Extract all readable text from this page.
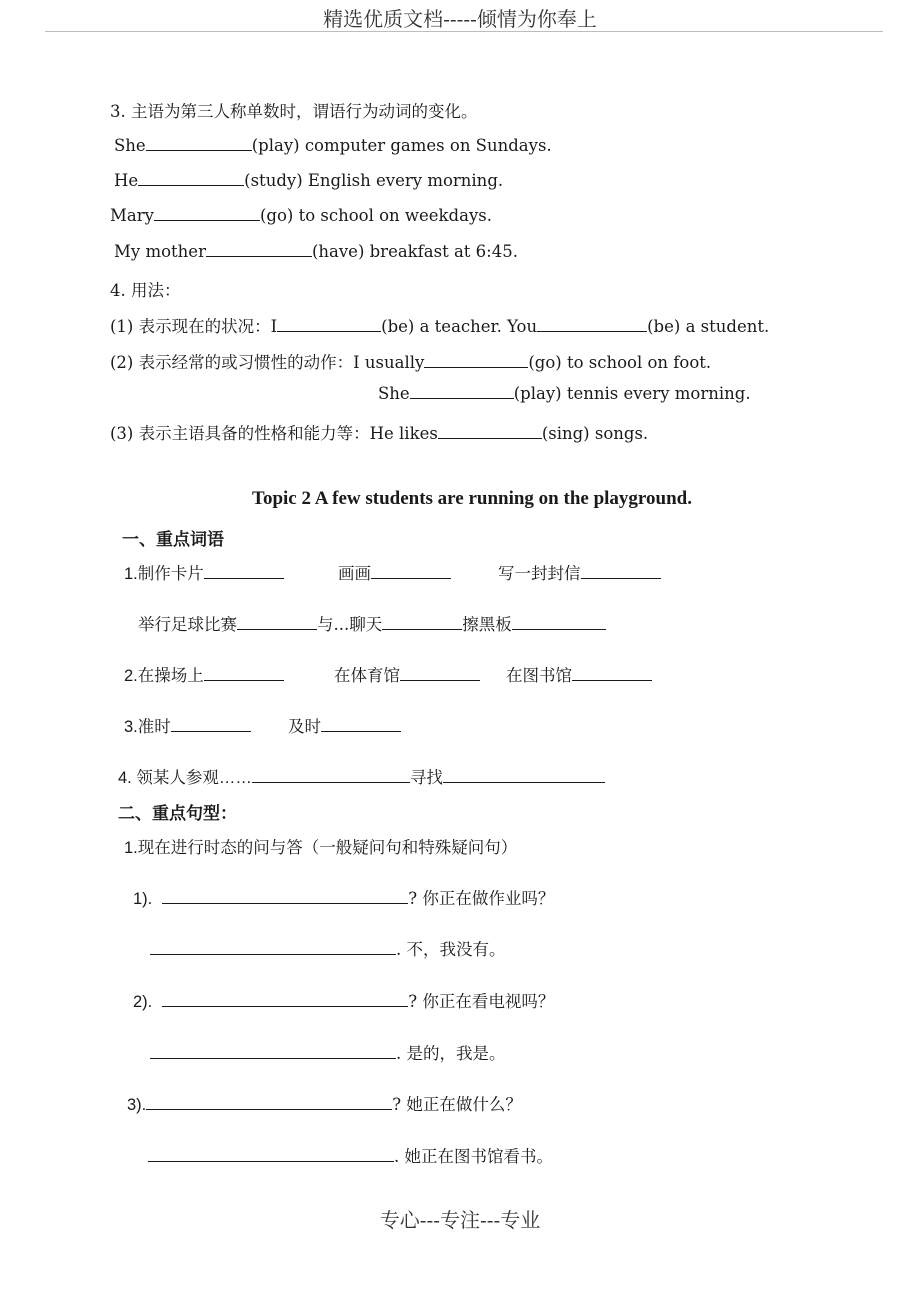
精选优质文档-----倾情为你奉上
3. 主语为第三人称单数时，谓语行为动词的变化。
She	(play) computer games on Sundays.
He	(study) English every morning.
Mary	(go) to school on weekdays.
My mother	(have) breakfast at 6:45.
4. 用法：
(1) 表示现在的状况：I	(be) a teacher. You	(be) a student.
(2) 表示经常的或习惯性的动作：I usually	(go) to school on foot.
She	(play) tennis every morning.
(3) 表示主语具备的性格和能力等：He likes	(sing) songs.
Topic 2 A few students are running on the playground.
一、重点词语
1.制作卡片	画画	写一封封信
举行足球比赛	与...聊天	擦黑板
2.在操场上	在体育馆	在图书馆
3.准时	及时
4. 领某人参观……	寻找
二、重点句型：
1.现在进行时态的问与答（一般疑问句和特殊疑问句）
1).	? 你正在做作业吗？
. 不，我没有。
2).	? 你正在看电视吗？
. 是的，我是。
3).	? 她正在做什么？
. 她正在图书馆看书。
专心---专注---专业
